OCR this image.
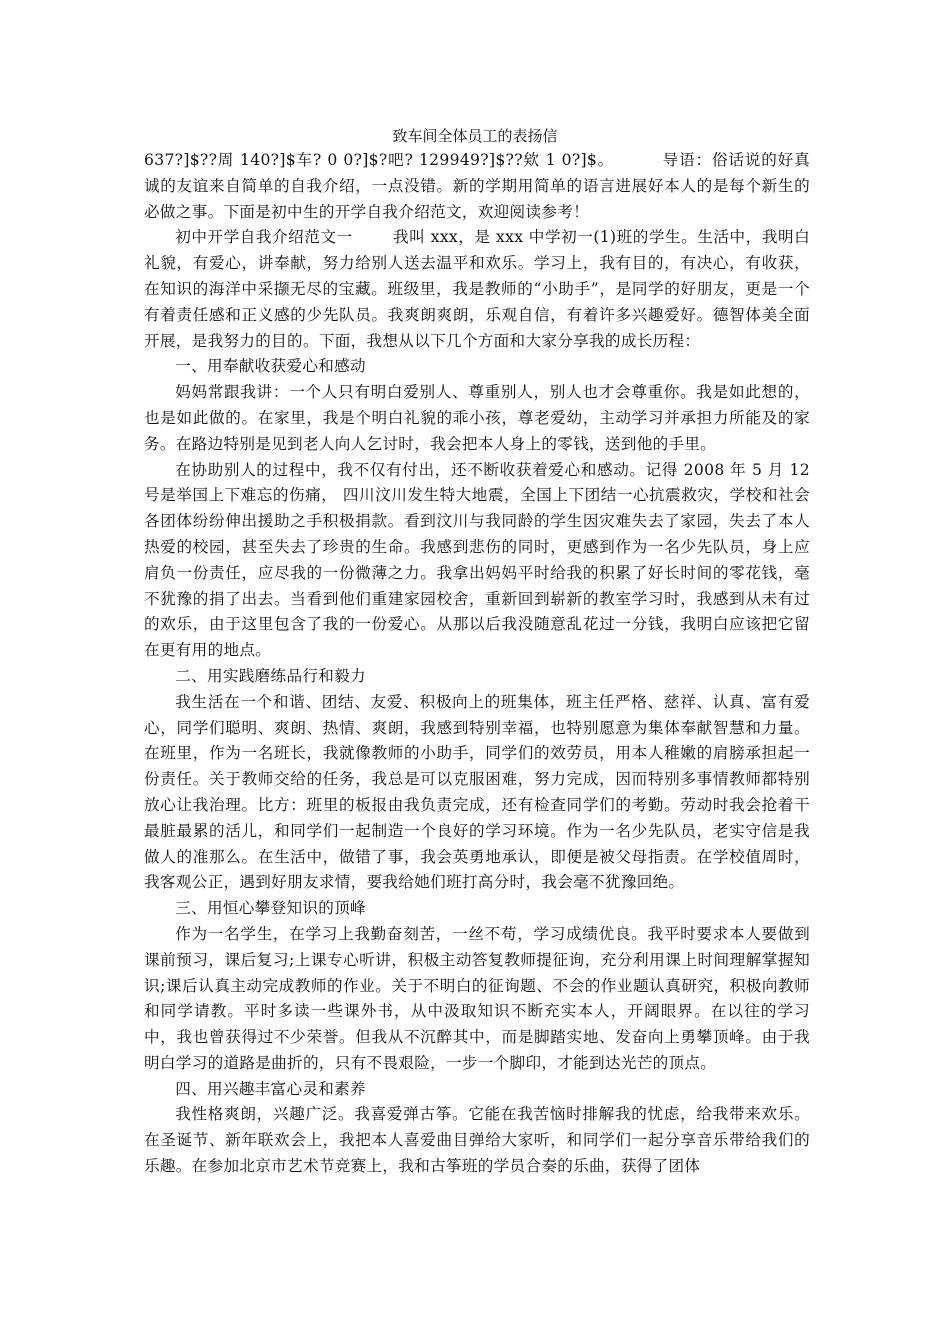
致车间全体员工的表扬信

637?]$??周 140?]$车? 0 0?]$?吧? 129949?]$??欸 1 0?]$。	导语：俗话说的好真诚的友谊来自简单的自我介绍，一点没错。新的学期用简单的语言进展好本人的是每个新生的必做之事。下面是初中生的开学自我介绍范文，欢迎阅读参考！

初中开学自我介绍范文一	我叫 xxx，是 xxx 中学初一(1)班的学生。生活中，我明白礼貌，有爱心，讲奉献，努力给别人送去温平和欢乐。学习上，我有目的，有决心，有收获，在知识的海洋中采撷无尽的宝藏。班级里，我是教师的“小助手”，是同学的好朋友，更是一个有着责任感和正义感的少先队员。我爽朗爽朗，乐观自信，有着许多兴趣爱好。德智体美全面开展，是我努力的目的。下面，我想从以下几个方面和大家分享我的成长历程：

一、用奉献收获爱心和感动

妈妈常跟我讲：一个人只有明白爱别人、尊重别人，别人也才会尊重你。我是如此想的，也是如此做的。在家里，我是个明白礼貌的乖小孩，尊老爱幼，主动学习并承担力所能及的家务。在路边特别是见到老人向人乞讨时，我会把本人身上的零钱，送到他的手里。

在协助别人的过程中，我不仅有付出，还不断收获着爱心和感动。记得 2008 年 5 月 12 号是举国上下难忘的伤痛， 四川汶川发生特大地震，全国上下团结一心抗震救灾，学校和社会各团体纷纷伸出援助之手积极捐款。看到汶川与我同龄的学生因灾难失去了家园，失去了本人热爱的校园，甚至失去了珍贵的生命。我感到悲伤的同时，更感到作为一名少先队员，身上应肩负一份责任，应尽我的一份微薄之力。我拿出妈妈平时给我的积累了好长时间的零花钱，毫不犹豫的捐了出去。当看到他们重建家园校舍，重新回到崭新的教室学习时，我感到从未有过的欢乐，由于这里包含了我的一份爱心。从那以后我没随意乱花过一分钱，我明白应该把它留在更有用的地点。

二、用实践磨练品行和毅力

我生活在一个和谐、团结、友爱、积极向上的班集体，班主任严格、慈祥、认真、富有爱心，同学们聪明、爽朗、热情、爽朗，我感到特别幸福，也特别愿意为集体奉献智慧和力量。在班里，作为一名班长，我就像教师的小助手，同学们的效劳员，用本人稚嫩的肩膀承担起一份责任。关于教师交给的任务，我总是可以克服困难，努力完成，因而特别多事情教师都特别放心让我治理。比方：班里的板报由我负责完成，还有检查同学们的考勤。劳动时我会抢着干最脏最累的活儿，和同学们一起制造一个良好的学习环境。作为一名少先队员，老实守信是我做人的准那么。在生活中，做错了事，我会英勇地承认，即便是被父母指责。在学校值周时，我客观公正，遇到好朋友求情，要我给她们班打高分时，我会毫不犹豫回绝。

三、用恒心攀登知识的顶峰

作为一名学生，在学习上我勤奋刻苦，一丝不苟，学习成绩优良。我平时要求本人要做到课前预习，课后复习;上课专心听讲，积极主动答复教师提征询，充分利用课上时间理解掌握知识;课后认真主动完成教师的作业。关于不明白的征询题、不会的作业题认真研究，积极向教师和同学请教。平时多读一些课外书，从中汲取知识不断充实本人，开阔眼界。在以往的学习中，我也曾获得过不少荣誉。但我从不沉醉其中，而是脚踏实地、发奋向上勇攀顶峰。由于我明白学习的道路是曲折的，只有不畏艰险，一步一个脚印，才能到达光芒的顶点。

四、用兴趣丰富心灵和素养

我性格爽朗，兴趣广泛。我喜爱弹古筝。它能在我苦恼时排解我的忧虑，给我带来欢乐。在圣诞节、新年联欢会上，我把本人喜爱曲目弹给大家听，和同学们一起分享音乐带给我们的乐趣。在参加北京市艺术节竞赛上，我和古筝班的学员合奏的乐曲，获得了团体
